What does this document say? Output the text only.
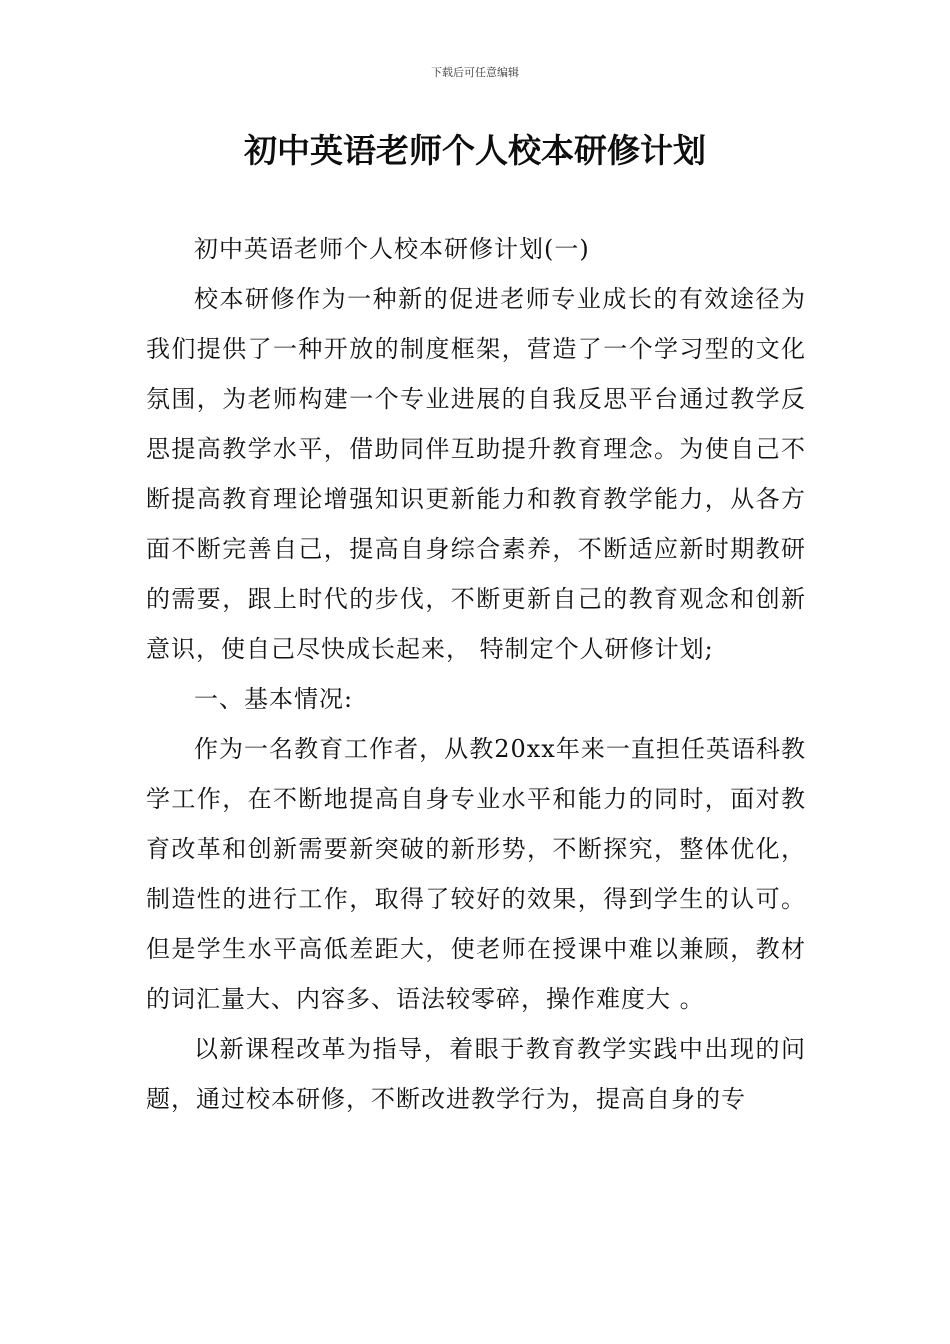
下载后可任意编辑
初中英语老师个人校本研修计划

初中英语老师个人校本研修计划(一)

校本研修作为一种新的促进老师专业成长的有效途径为我们提供了一种开放的制度框架，营造了一个学习型的文化氛围，为老师构建一个专业进展的自我反思平台通过教学反思提高教学水平，借助同伴互助提升教育理念。为使自己不断提高教育理论增强知识更新能力和教育教学能力，从各方面不断完善自己，提高自身综合素养，不断适应新时期教研的需要，跟上时代的步伐，不断更新自己的教育观念和创新意识，使自己尽快成长起来， 特制定个人研修计划;

一、基本情况:

作为一名教育工作者，从教20xx年来一直担任英语科教学工作，在不断地提高自身专业水平和能力的同时，面对教育改革和创新需要新突破的新形势，不断探究，整体优化，制造性的进行工作，取得了较好的效果，得到学生的认可。但是学生水平高低差距大，使老师在授课中难以兼顾，教材的词汇量大、内容多、语法较零碎，操作难度大 。

以新课程改革为指导，着眼于教育教学实践中出现的问题，通过校本研修，不断改进教学行为，提高自身的专
